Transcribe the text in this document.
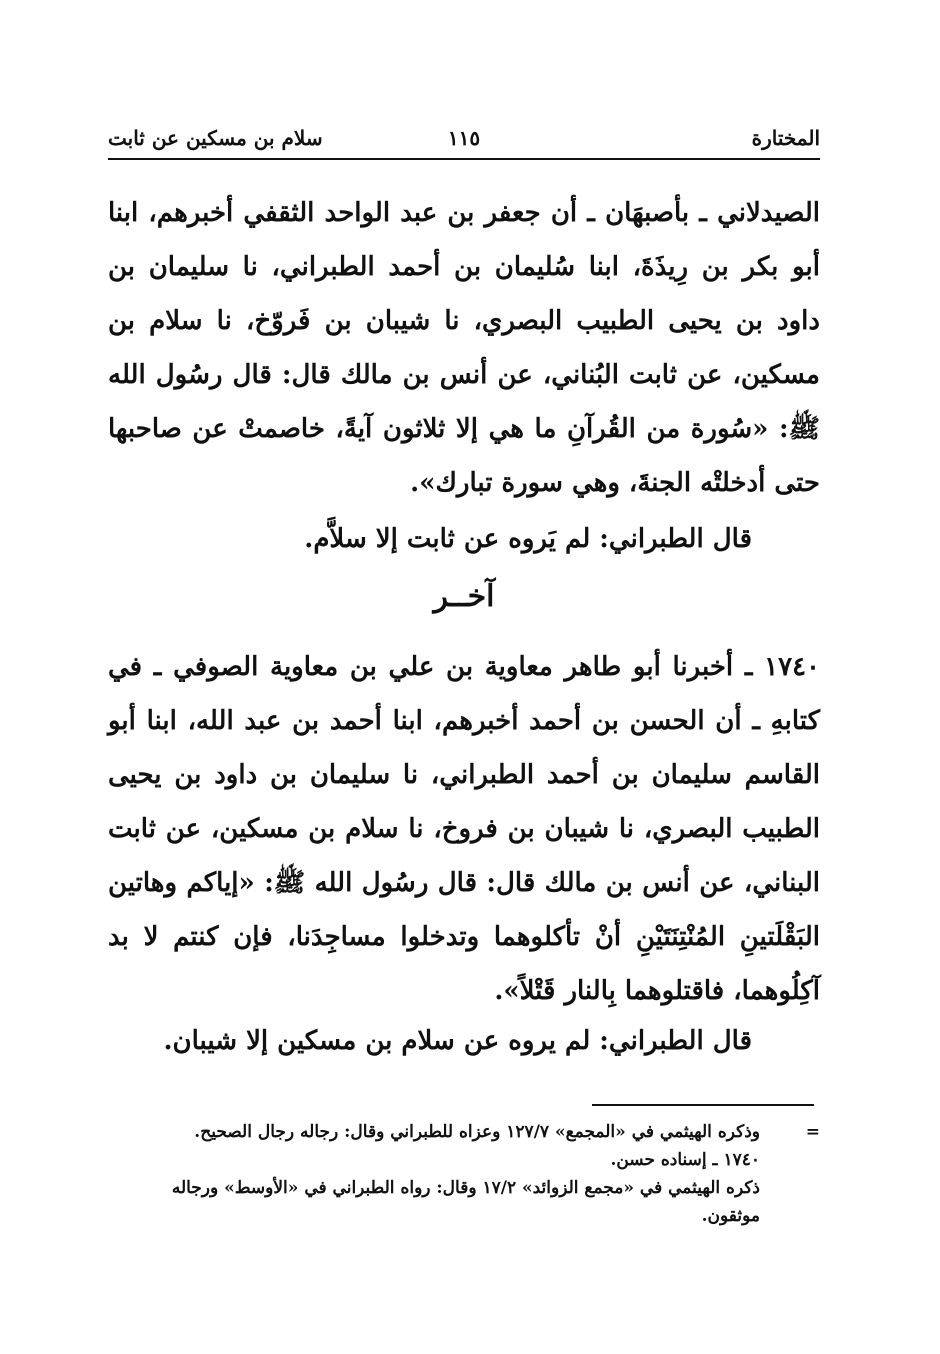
المختارة
١١٥
سلام بن مسكين عن ثابت
الصيدلاني ـ بأصبهَان ـ أن جعفر بن عبد الواحد الثقفي أخبرهم، ابنا أبو بكر بن رِيذَةَ، ابنا سُليمان بن أحمد الطبراني، نا سليمان بن داود بن يحيى الطبيب البصري، نا شيبان بن فَروّخ، نا سلام بن مسكين، عن ثابت البُناني، عن أنس بن مالك قال: قال رسُول الله ﷺ: «سُورة من القُرآنِ ما هي إلا ثلاثون آيةً، خاصمتْ عن صاحبها حتى أدخلتْه الجنةَ، وهي سورة تبارك».
قال الطبراني: لم يَروه عن ثابت إلا سلاَّم.
آخــر
١٧٤٠ ـ أخبرنا أبو طاهر معاوية بن علي بن معاوية الصوفي ـ في كتابهِ ـ أن الحسن بن أحمد أخبرهم، ابنا أحمد بن عبد الله، ابنا أبو القاسم سليمان بن أحمد الطبراني، نا سليمان بن داود بن يحيى الطبيب البصري، نا شيبان بن فروخ، نا سلام بن مسكين، عن ثابت البناني، عن أنس بن مالك قال: قال رسُول الله ﷺ: «إياكم وهاتين البَقْلَتينِ المُنْتِنَتَيْنِ أنْ تأكلوهما وتدخلوا مساجِدَنا، فإن كنتم لا بد آكِلُوهما، فاقتلوهما بِالنار قَتْلاً».
قال الطبراني: لم يروه عن سلام بن مسكين إلا شيبان.
=
وذكره الهيثمي في «المجمع» ١٢٧/٧ وعزاه للطبراني وقال: رجاله رجال الصحيح.
١٧٤٠ ـ إسناده حسن.
ذكره الهيثمي في «مجمع الزوائد» ١٧/٢ وقال: رواه الطبراني في «الأوسط» ورجاله موثقون.
